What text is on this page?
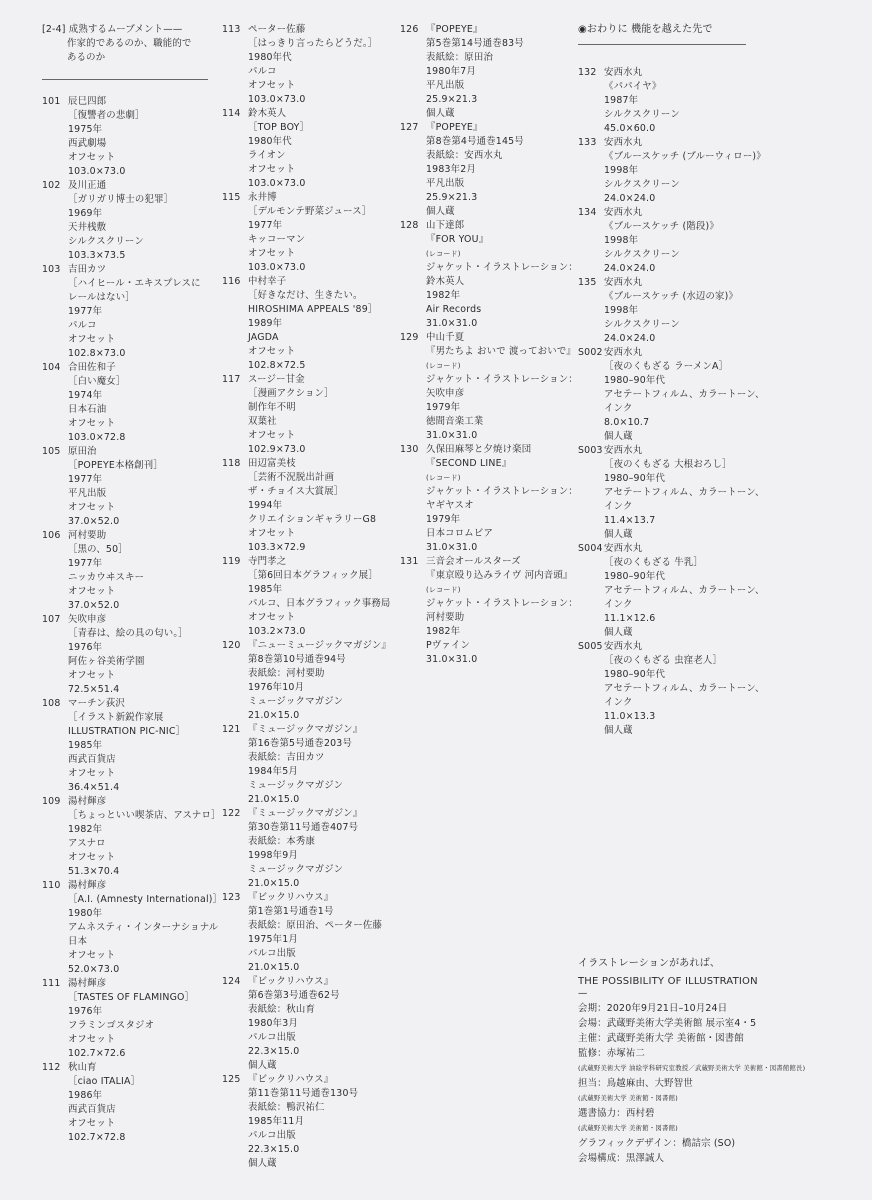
[2-4] 成熟するムーブメント——
作家的であるのか、職能的で
あるのか
101 辰巳四郎
［復讐者の悲劇］
1975年
西武劇場
オフセット
103.0×73.0
102 及川正通
［ガリガリ博士の犯罪］
1969年
天井桟敷
シルクスクリーン
103.3×73.5
103 吉田カツ
［ハイヒール・エキスプレスに
レールはない］
1977年
パルコ
オフセット
102.8×73.0
104 合田佐和子
［白い魔女］
1974年
日本石油
オフセット
103.0×72.8
105 原田治
［POPEYE本格創刊］
1977年
平凡出版
オフセット
37.0×52.0
106 河村要助
［黒の、50］
1977年
ニッカウヰスキー
オフセット
37.0×52.0
107 矢吹申彦
［青春は、絵の具の匂い。］
1976年
阿佐ヶ谷美術学園
オフセット
72.5×51.4
108 マーチン荻沢
［イラスト新鋭作家展
ILLUSTRATION PIC-NIC］
1985年
西武百貨店
オフセット
36.4×51.4
109 湯村輝彦
［ちょっといい喫茶店、アスナロ］
1982年
アスナロ
オフセット
51.3×70.4
110 湯村輝彦
［A.I. (Amnesty International)］
1980年
アムネスティ・インターナショナル
日本
オフセット
52.0×73.0
111 湯村輝彦
［TASTES OF FLAMINGO］
1976年
フラミンゴスタジオ
オフセット
102.7×72.6
112 秋山育
［ciao ITALIA］
1986年
西武百貨店
オフセット
102.7×72.8
113 ペーター佐藤
［はっきり言ったらどうだ。］
1980年代
パルコ
オフセット
103.0×73.0
114 鈴木英人
［TOP BOY］
1980年代
ライオン
オフセット
103.0×73.0
115 永井博
［デルモンテ野菜ジュース］
1977年
キッコーマン
オフセット
103.0×73.0
116 中村幸子
［好きなだけ、生きたい。
HIROSHIMA APPEALS '89］
1989年
JAGDA
オフセット
102.8×72.5
117 スージー甘金
［漫画アクション］
制作年不明
双葉社
オフセット
102.9×73.0
118 田辺富美枝
［芸術不況脱出計画
ザ・チョイス大賞展］
1994年
クリエイションギャラリーG8
オフセット
103.3×72.9
119 寺門孝之
［第6回日本グラフィック展］
1985年
パルコ、日本グラフィック事務局
オフセット
103.2×73.0
120 『ニューミュージックマガジン』
第8巻第10号通巻94号
表紙絵：河村要助
1976年10月
ミュージックマガジン
21.0×15.0
121 『ミュージックマガジン』
第16巻第5号通巻203号
表紙絵：吉田カツ
1984年5月
ミュージックマガジン
21.0×15.0
122 『ミュージックマガジン』
第30巻第11号通巻407号
表紙絵：本秀康
1998年9月
ミュージックマガジン
21.0×15.0
123 『ビックリハウス』
第1巻第1号通巻1号
表紙絵：原田治、ペーター佐藤
1975年1月
パルコ出版
21.0×15.0
124 『ビックリハウス』
第6巻第3号通巻62号
表紙絵：秋山育
1980年3月
パルコ出版
22.3×15.0
個人蔵
125 『ビックリハウス』
第11巻第11号通巻130号
表紙絵：鴨沢祐仁
1985年11月
パルコ出版
22.3×15.0
個人蔵
126 『POPEYE』
第5巻第14号通巻83号
表紙絵：原田治
1980年7月
平凡出版
25.9×21.3
個人蔵
127 『POPEYE』
第8巻第4号通巻145号
表紙絵：安西水丸
1983年2月
平凡出版
25.9×21.3
個人蔵
128 山下達郎
『FOR YOU』
(レコード)
ジャケット・イラストレーション：
鈴木英人
1982年
Air Records
31.0×31.0
129 中山千夏
『男たちよ おいで 渡っておいで』
(レコード)
ジャケット・イラストレーション：
矢吹申彦
1979年
徳間音楽工業
31.0×31.0
130 久保田麻琴と夕焼け楽団
『SECOND LINE』
(レコード)
ジャケット・イラストレーション：
ヤギヤスオ
1979年
日本コロムビア
31.0×31.0
131 三音会オールスターズ
『東京殴り込みライヴ 河内音頭』
(レコード)
ジャケット・イラストレーション：
河村要助
1982年
Pヴァイン
31.0×31.0
◉おわりに 機能を越えた先で
132 安西水丸
《パパイヤ》
1987年
シルクスクリーン
45.0×60.0
133 安西水丸
《ブルースケッチ (ブルーウィロー)》
1998年
シルクスクリーン
24.0×24.0
134 安西水丸
《ブルースケッチ (階段)》
1998年
シルクスクリーン
24.0×24.0
135 安西水丸
《ブルースケッチ (水辺の家)》
1998年
シルクスクリーン
24.0×24.0
S002安西水丸
［夜のくもざる ラーメンA］
1980–90年代
アセテートフィルム、カラートーン、
インク
8.0×10.7
個人蔵
S003安西水丸
［夜のくもざる 大根おろし］
1980–90年代
アセテートフィルム、カラートーン、
インク
11.4×13.7
個人蔵
S004安西水丸
［夜のくもざる 牛乳］
1980–90年代
アセテートフィルム、カラートーン、
インク
11.1×12.6
個人蔵
S005安西水丸
［夜のくもざる 虫窪老人］
1980–90年代
アセテートフィルム、カラートーン、
インク
11.0×13.3
個人蔵
イラストレーションがあれば、
THE POSSIBILITY OF ILLUSTRATION
—
会期：2020年9月21日–10月24日
会場：武蔵野美術大学美術館 展示室4・5
主催：武蔵野美術大学 美術館・図書館
監修：赤塚祐二
(武蔵野美術大学 油絵学科研究室教授／武蔵野美術大学 美術館・図書館館長)
担当：鳥越麻由、大野智世
(武蔵野美術大学 美術館・図書館)
選書協力：西村碧
(武蔵野美術大学 美術館・図書館)
グラフィックデザイン：橋詰宗 (SO)
会場構成：黒澤誠人
